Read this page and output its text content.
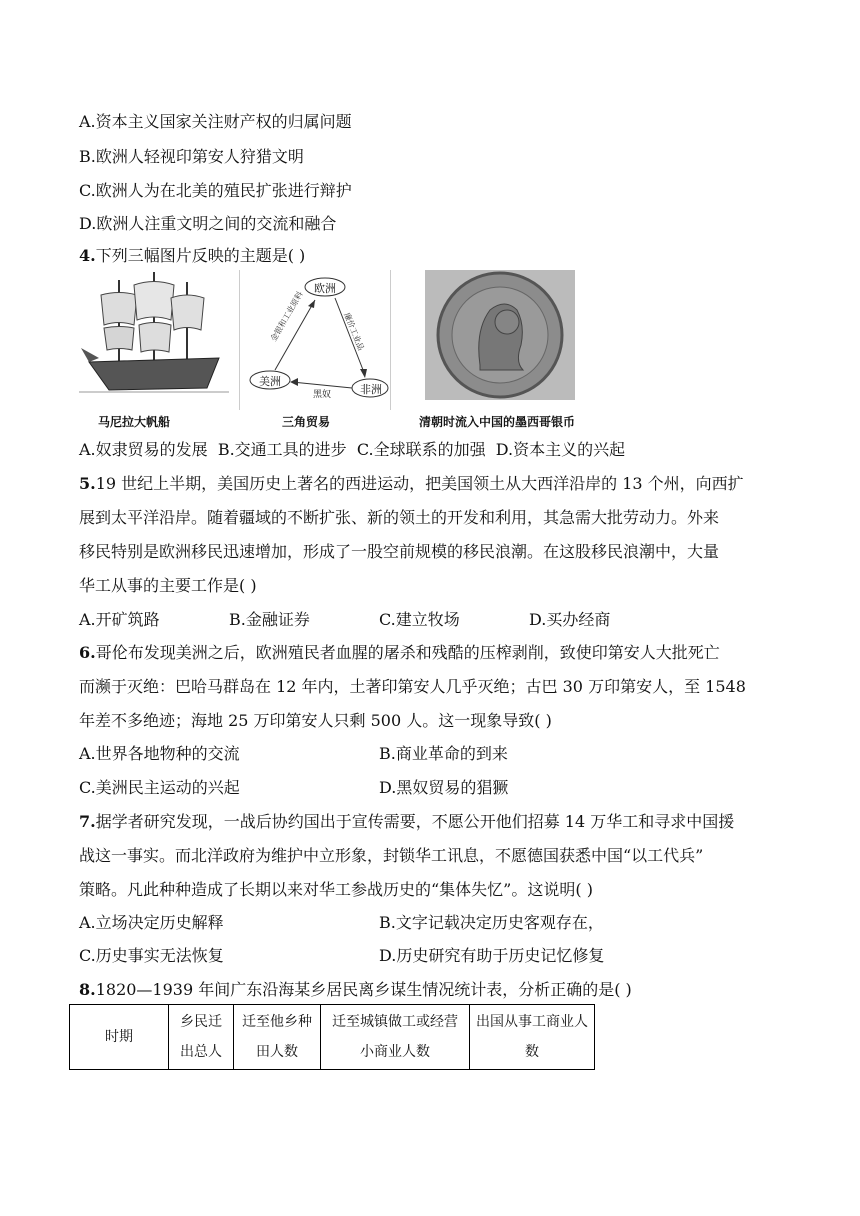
A.资本主义国家关注财产权的归属问题
B.欧洲人轻视印第安人狩猎文明
C.欧洲人为在北美的殖民扩张进行辩护
D.欧洲人注重文明之间的交流和融合
4.下列三幅图片反映的主题是( )
马尼拉大帆船
金银和工业原料	廉价工业品
欧洲
美洲
非洲
黑奴
三角贸易	清朝时流入中国的墨西哥银币
A.奴隶贸易的发展 B.交通工具的进步 C.全球联系的加强 D.资本主义的兴起
5.19 世纪上半期，美国历史上著名的西进运动，把美国领土从大西洋沿岸的 13 个州，向西扩
展到太平洋沿岸。随着疆域的不断扩张、新的领土的开发和利用，其急需大批劳动力。外来
移民特别是欧洲移民迅速增加，形成了一股空前规模的移民浪潮。在这股移民浪潮中，大量
华工从事的主要工作是( )
A.开矿筑路	B.金融证券	C.建立牧场	D.买办经商
6.哥伦布发现美洲之后，欧洲殖民者血腥的屠杀和残酷的压榨剥削，致使印第安人大批死亡
而濒于灭绝：巴哈马群岛在 12 年内，土著印第安人几乎灭绝；古巴 30 万印第安人，至 1548
年差不多绝迹；海地 25 万印第安人只剩 500 人。这一现象导致( )
A.世界各地物种的交流	B.商业革命的到来
C.美洲民主运动的兴起	D.黑奴贸易的猖獗
7.据学者研究发现，一战后协约国出于宣传需要，不愿公开他们招募 14 万华工和寻求中国援
战这一事实。而北洋政府为维护中立形象，封锁华工讯息，不愿德国获悉中国“以工代兵”
策略。凡此种种造成了长期以来对华工参战历史的“集体失忆”。这说明( )
A.立场决定历史解释	B.文字记载决定历史客观存在，
C.历史事实无法恢复	D.历史研究有助于历史记忆修复
8.1820—1939 年间广东沿海某乡居民离乡谋生情况统计表，分析正确的是( )
时期	乡民迁出总人	迁至他乡种田人数	迁至城镇做工或经营小商业人数	出国从事工商业人数
